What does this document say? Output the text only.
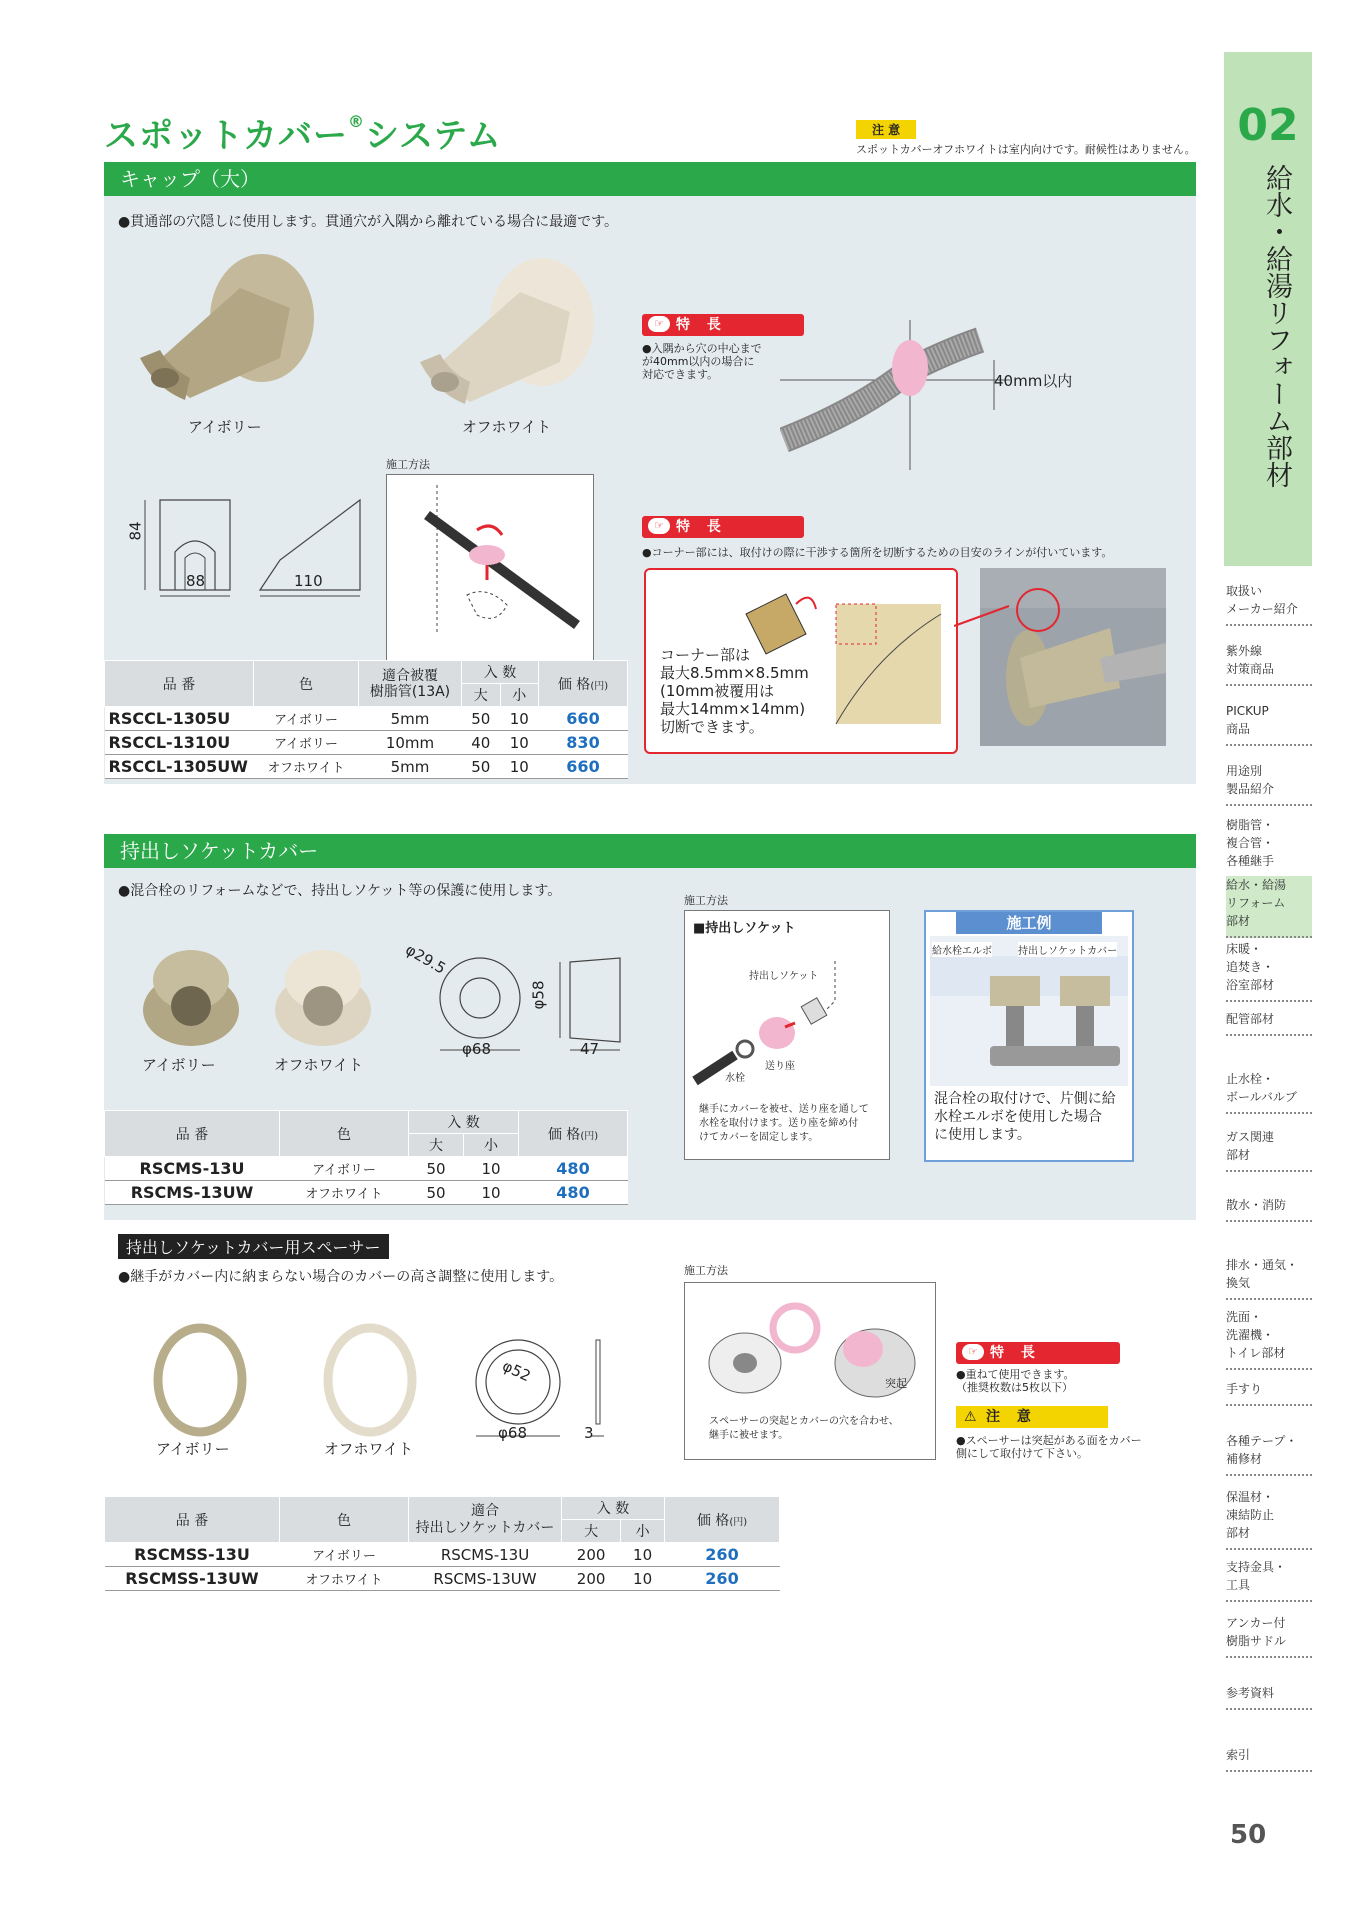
スポットカバー®システム	注 意
スポットカバーオフホワイトは室内向けです。耐候性はありません。
キャップ（大）
●貫通部の穴隠しに使用します。貫通穴が入隅から離れている場合に最適です。
アイボリー	オフホワイト
84
88	110
施工方法
☞ 特 長
●入隅から穴の中心まで
が40mm以内の場合に
対応できます。	40mm以内
☞ 特 長
●コーナー部には、取付けの際に干渉する箇所を切断するための目安のラインが付いています。
コーナー部は
最大8.5mm×8.5mm
(10mm被覆用は
最大14mm×14mm)
切断できます。
品 番	色	適合被覆
樹脂管(13A)	入 数		価 格(円)
			大	小	
RSCCL-1305U	アイボリー	5mm	50	10	660
RSCCL-1310U	アイボリー	10mm	40	10	830
RSCCL-1305UW	オフホワイト	5mm	50	10	660
持出しソケットカバー
●混合栓のリフォームなどで、持出しソケット等の保護に使用します。
アイボリー	オフホワイト
φ29.5
φ68
φ58
47
施工方法
■持出しソケット
持出しソケット
送り座
水栓
継手にカバーを被せ、送り座を通して
水栓を取付けます。送り座を締め付
けてカバーを固定します。
施工例
給水栓エルボ	持出しソケットカバー
混合栓の取付けで、片側に給
水栓エルボを使用した場合
に使用します。
品 番	色	入 数		価 格(円)
		大	小	
RSCMS-13U	アイボリー	50	10	480
RSCMS-13UW	オフホワイト	50	10	480
持出しソケットカバー用スペーサー
●継手がカバー内に納まらない場合のカバーの高さ調整に使用します。
アイボリー	オフホワイト
φ52
φ68	3
施工方法
突起
スペーサーの突起とカバーの穴を合わせ、
継手に被せます。
☞ 特 長
●重ねて使用できます。
（推奨枚数は5枚以下）
⚠ 注 意
●スペーサーは突起がある面をカバー
側にして取付けて下さい。
品 番	色	適合
持出しソケットカバー	入 数		価 格(円)
			大	小	
RSCMSS-13U	アイボリー	RSCMS-13U	200	10	260
RSCMSS-13UW	オフホワイト	RSCMS-13UW	200	10	260
02
給水・給湯リフォーム部材
取扱い
メーカー紹介
紫外線
対策商品
PICKUP
商品
用途別
製品紹介
樹脂管・
複合管・
各種継手
給水・給湯
リフォーム
部材
床暖・
追焚き・
浴室部材
配管部材
止水栓・
ボールバルブ
ガス関連
部材
散水・消防
排水・通気・
換気
洗面・
洗濯機・
トイレ部材
手すり
各種テープ・
補修材
保温材・
凍結防止
部材
支持金具・
工具
アンカー付
樹脂サドル
参考資料
索引
50
